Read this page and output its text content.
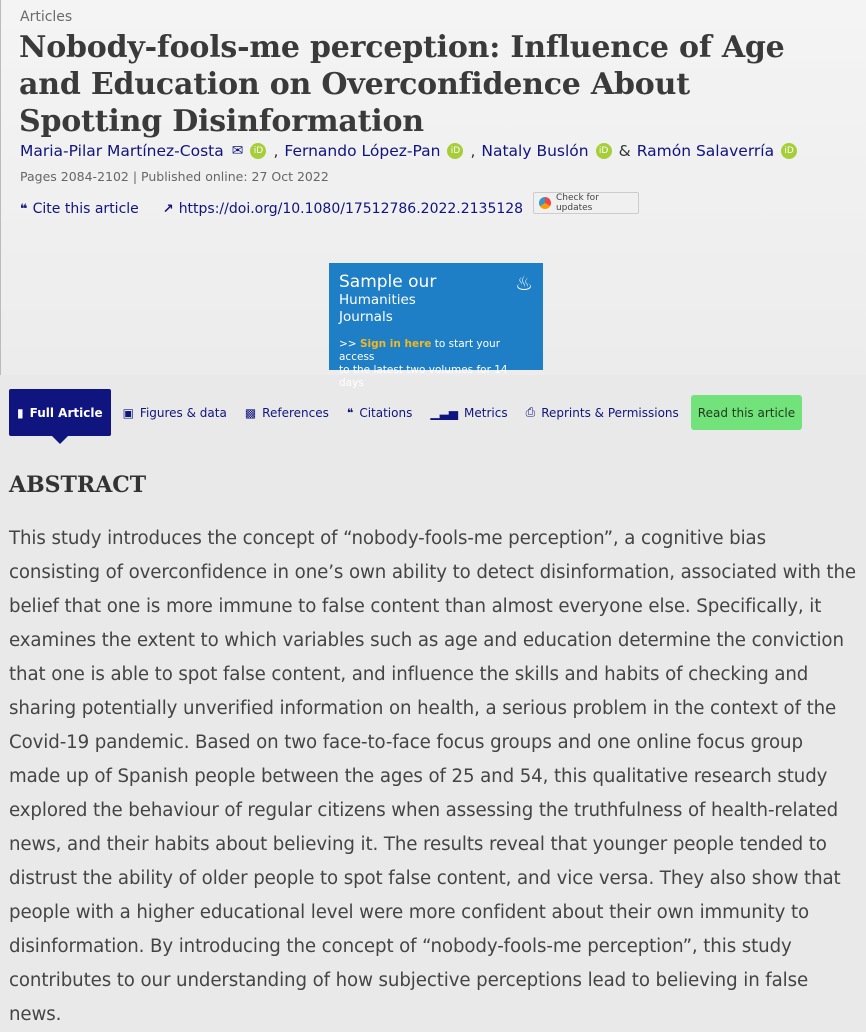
Articles
Nobody-fools-me perception: Influence of Age and Education on Overconfidence About Spotting Disinformation
Maria-Pilar Martínez-Costa ✉	iD , Fernando López-Pan	iD , Nataly Buslón	iD & Ramón Salaverría	iD
Pages 2084-2102 | Published online: 27 Oct 2022
❝ Cite this article ↗ https://doi.org/10.1080/17512786.2022.2135128
Check for updates
♨
Sample our
Humanities
Journals
>> Sign in here to start your access
to the latest two volumes for 14 days
▮ Full Article ▣ Figures & data ▩ References ❝ Citations ▁▃▅ Metrics ⎙ Reprints & Permissions Read this article
ABSTRACT

This study introduces the concept of “nobody-fools-me perception”, a cognitive bias consisting of overconfidence in one’s own ability to detect disinformation, associated with the belief that one is more immune to false content than almost everyone else. Specifically, it examines the extent to which variables such as age and education determine the conviction that one is able to spot false content, and influence the skills and habits of checking and sharing potentially unverified information on health, a serious problem in the context of the Covid-19 pandemic. Based on two face-to-face focus groups and one online focus group made up of Spanish people between the ages of 25 and 54, this qualitative research study explored the behaviour of regular citizens when assessing the truthfulness of health-related news, and their habits about believing it. The results reveal that younger people tended to distrust the ability of older people to spot false content, and vice versa. They also show that people with a higher educational level were more confident about their own immunity to disinformation. By introducing the concept of “nobody-fools-me perception”, this study contributes to our understanding of how subjective perceptions lead to believing in false news.
